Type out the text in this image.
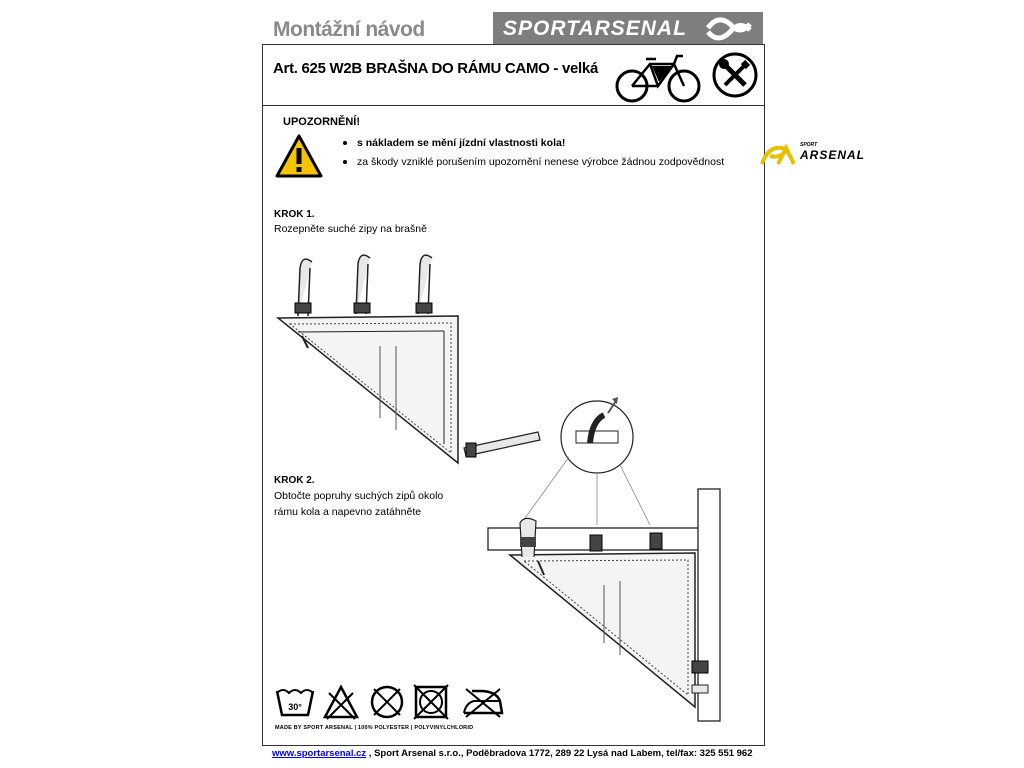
Montážní návod	SPORTARSENAL
Art. 625 W2B BRAŠNA DO RÁMU CAMO - velká
UPOZORNĚNÍ!
s nákladem se mění jízdní vlastnosti kola!
za škody vzniklé porušením upozornění nenese výrobce žádnou zodpovědnost
SPORT
ARSENAL
KROK 1.
Rozepněte suché zipy na brašně
KROK 2.
Obtočte popruhy suchých zipů okolo
rámu kola a napevno zatáhněte
30°
MADE BY SPORT ARSENAL | 100% POLYESTER | POLYVINYLCHLORID
www.sportarsenal.cz , Sport Arsenal s.r.o., Poděbradova 1772, 289 22 Lysá nad Labem, tel/fax: 325 551 962
